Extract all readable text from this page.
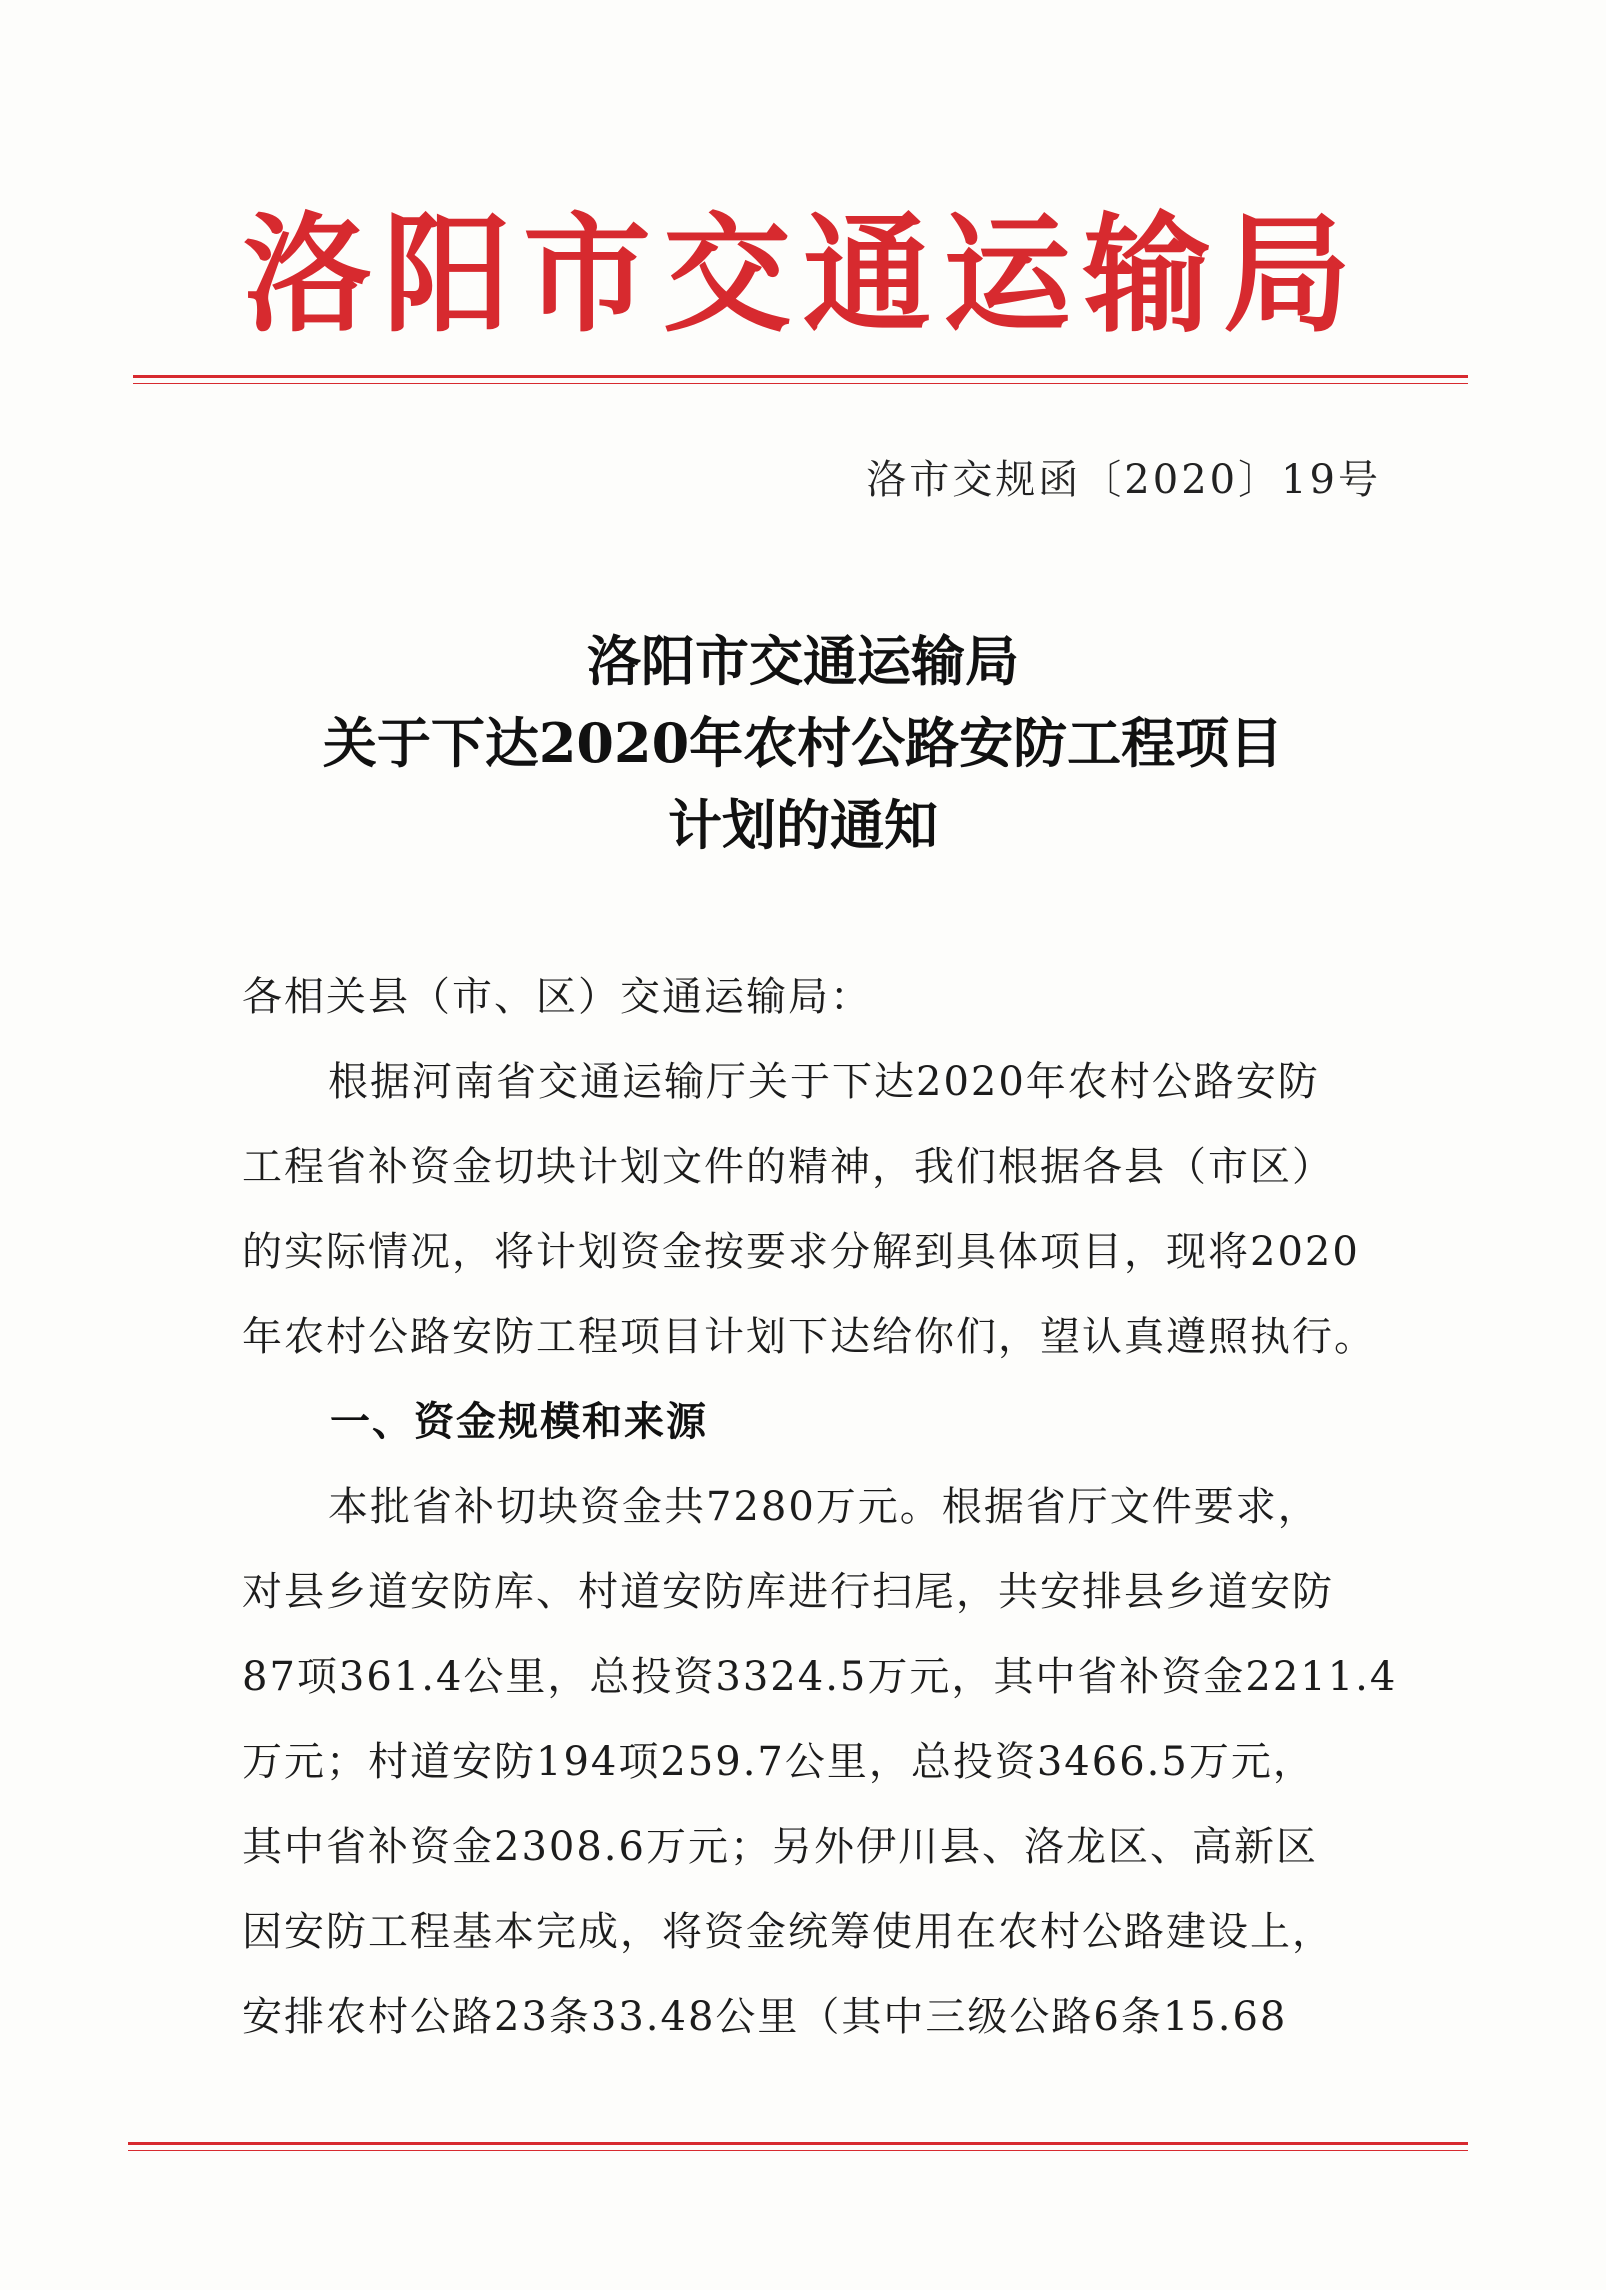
洛阳市交通运输局
洛市交规函〔2020〕19号
洛阳市交通运输局
关于下达2020年农村公路安防工程项目
计划的通知

各相关县（市、区）交通运输局：

根据河南省交通运输厅关于下达2020年农村公路安防

工程省补资金切块计划文件的精神，我们根据各县（市区）

的实际情况，将计划资金按要求分解到具体项目，现将2020

年农村公路安防工程项目计划下达给你们，望认真遵照执行。

一、资金规模和来源

本批省补切块资金共7280万元。根据省厅文件要求，

对县乡道安防库、村道安防库进行扫尾，共安排县乡道安防

87项361.4公里，总投资3324.5万元，其中省补资金2211.4

万元；村道安防194项259.7公里，总投资3466.5万元，

其中省补资金2308.6万元；另外伊川县、洛龙区、高新区

因安防工程基本完成，将资金统筹使用在农村公路建设上，

安排农村公路23条33.48公里（其中三级公路6条15.68
